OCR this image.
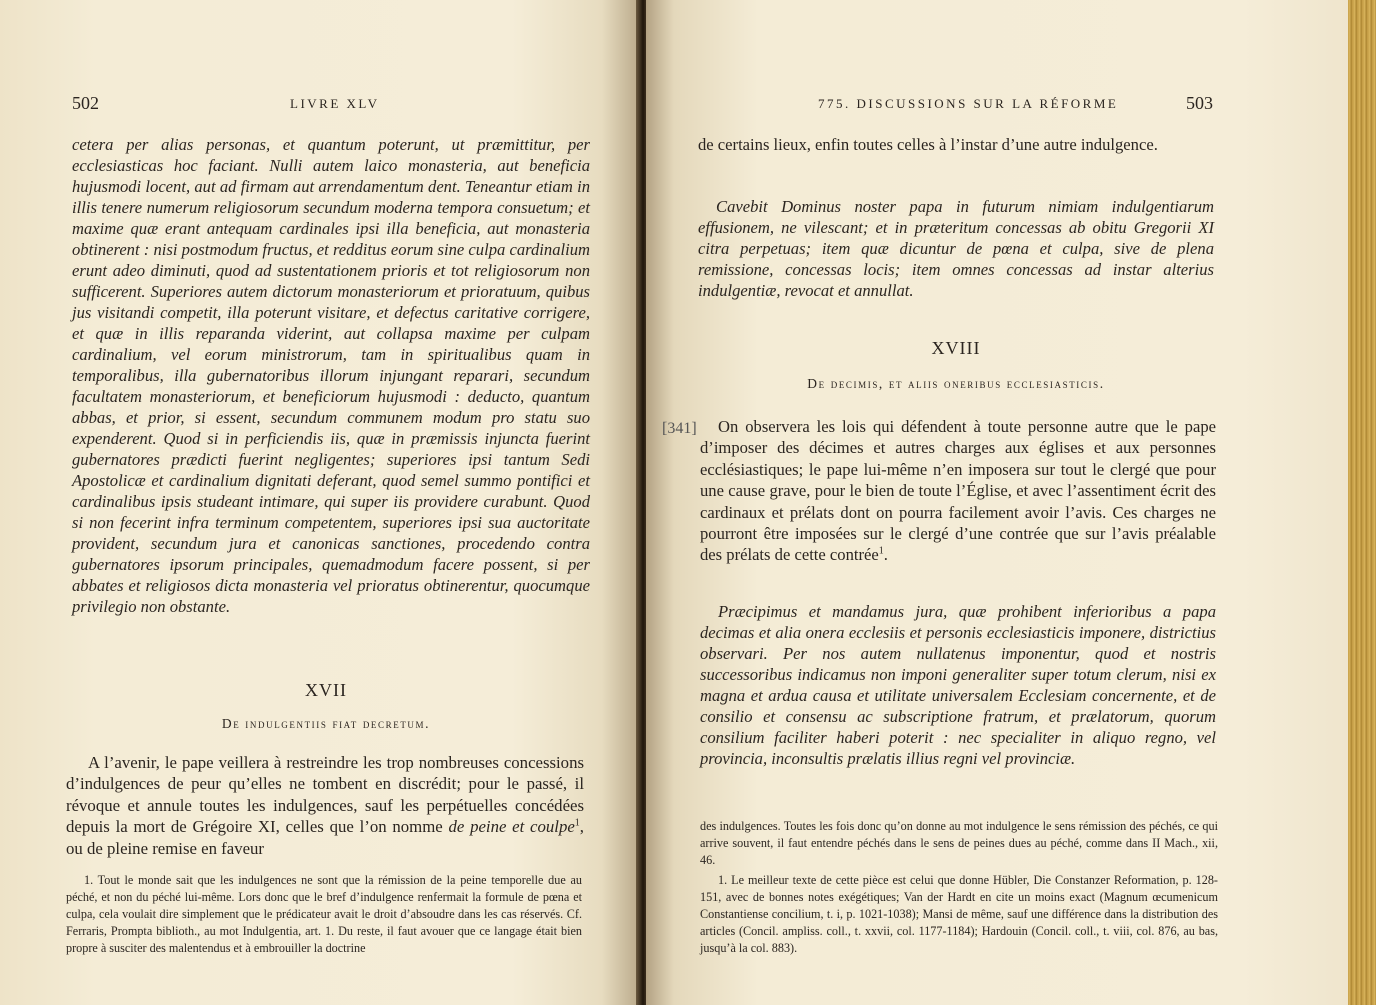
502	LIVRE XLV
cetera per alias personas, et quantum poterunt, ut præmittitur, per ecclesiasticas hoc faciant. Nulli autem laico monasteria, aut beneficia hujusmodi locent, aut ad firmam aut arrendamentum dent. Teneantur etiam in illis tenere numerum religiosorum secundum moderna tempora consuetum; et maxime quæ erant antequam cardinales ipsi illa beneficia, aut monasteria obtinerent : nisi postmodum fructus, et redditus eorum sine culpa cardinalium erunt adeo diminuti, quod ad sustentationem prioris et tot religiosorum non sufficerent. Superiores autem dictorum monasteriorum et prioratuum, quibus jus visitandi competit, illa poterunt visitare, et defectus caritative corrigere, et quæ in illis reparanda viderint, aut collapsa maxime per culpam cardinalium, vel eorum ministrorum, tam in spiritualibus quam in temporalibus, illa gubernatoribus illorum injungant reparari, secundum facultatem monasteriorum, et beneficiorum hujusmodi : deducto, quantum abbas, et prior, si essent, secundum communem modum pro statu suo expenderent. Quod si in perficiendis iis, quæ in præmissis injuncta fuerint gubernatores prædicti fuerint negligentes; superiores ipsi tantum Sedi Apostolicæ et cardinalium dignitati deferant, quod semel summo pontifici et cardinalibus ipsis studeant intimare, qui super iis providere curabunt. Quod si non fecerint infra terminum competentem, superiores ipsi sua auctoritate provident, secundum jura et canonicas sanctiones, procedendo contra gubernatores ipsorum principales, quemadmodum facere possent, si per abbates et religiosos dicta monasteria vel prioratus obtinerentur, quocumque privilegio non obstante.
XVII
De indulgentiis fiat decretum.
A l’avenir, le pape veillera à restreindre les trop nombreuses concessions d’indulgences de peur qu’elles ne tombent en discrédit; pour le passé, il révoque et annule toutes les indulgences, sauf les perpétuelles concédées depuis la mort de Grégoire XI, celles que l’on nomme de peine et coulpe$^1$, ou de pleine remise en faveur
1. Tout le monde sait que les indulgences ne sont que la rémission de la peine temporelle due au péché, et non du péché lui-même. Lors donc que le bref d’indulgence renfermait la formule de pœna et culpa, cela voulait dire simplement que le prédicateur avait le droit d’absoudre dans les cas réservés. Cf. Ferraris, Prompta biblioth., au mot Indulgentia, art. 1. Du reste, il faut avouer que ce langage était bien propre à susciter des malentendus et à embrouiller la doctrine
775. DISCUSSIONS SUR LA RÉFORME	503
de certains lieux, enfin toutes celles à l’instar d’une autre indulgence.
Cavebit Dominus noster papa in futurum nimiam indulgentiarum effusionem, ne vilescant; et in præteritum concessas ab obitu Gregorii XI citra perpetuas; item quæ dicuntur de pœna et culpa, sive de plena remissione, concessas locis; item omnes concessas ad instar alterius indulgentiæ, revocat et annullat.
XVIII
De decimis, et aliis oneribus ecclesiasticis.
[341]	On observera les lois qui défendent à toute personne autre que le pape d’imposer des décimes et autres charges aux églises et aux personnes ecclésiastiques; le pape lui-même n’en imposera sur tout le clergé que pour une cause grave, pour le bien de toute l’Église, et avec l’assentiment écrit des cardinaux et prélats dont on pourra facilement avoir l’avis. Ces charges ne pourront être imposées sur le clergé d’une contrée que sur l’avis préalable des prélats de cette contrée$^1$.
Præcipimus et mandamus jura, quæ prohibent inferioribus a papa decimas et alia onera ecclesiis et personis ecclesiasticis imponere, districtius observari. Per nos autem nullatenus imponentur, quod et nostris successoribus indicamus non imponi generaliter super totum clerum, nisi ex magna et ardua causa et utilitate universalem Ecclesiam concernente, et de consilio et consensu ac subscriptione fratrum, et prælatorum, quorum consilium faciliter haberi poterit : nec specialiter in aliquo regno, vel provincia, inconsultis prælatis illius regni vel provinciæ.
des indulgences. Toutes les fois donc qu’on donne au mot indulgence le sens rémission des péchés, ce qui arrive souvent, il faut entendre péchés dans le sens de peines dues au péché, comme dans II Mach., xii, 46.
1. Le meilleur texte de cette pièce est celui que donne Hübler, Die Constanzer Reformation, p. 128-151, avec de bonnes notes exégétiques; Van der Hardt en cite un moins exact (Magnum œcumenicum Constantiense concilium, t. i, p. 1021-1038); Mansi de même, sauf une différence dans la distribution des articles (Concil. ampliss. coll., t. xxvii, col. 1177-1184); Hardouin (Concil. coll., t. viii, col. 876, au bas, jusqu’à la col. 883).
